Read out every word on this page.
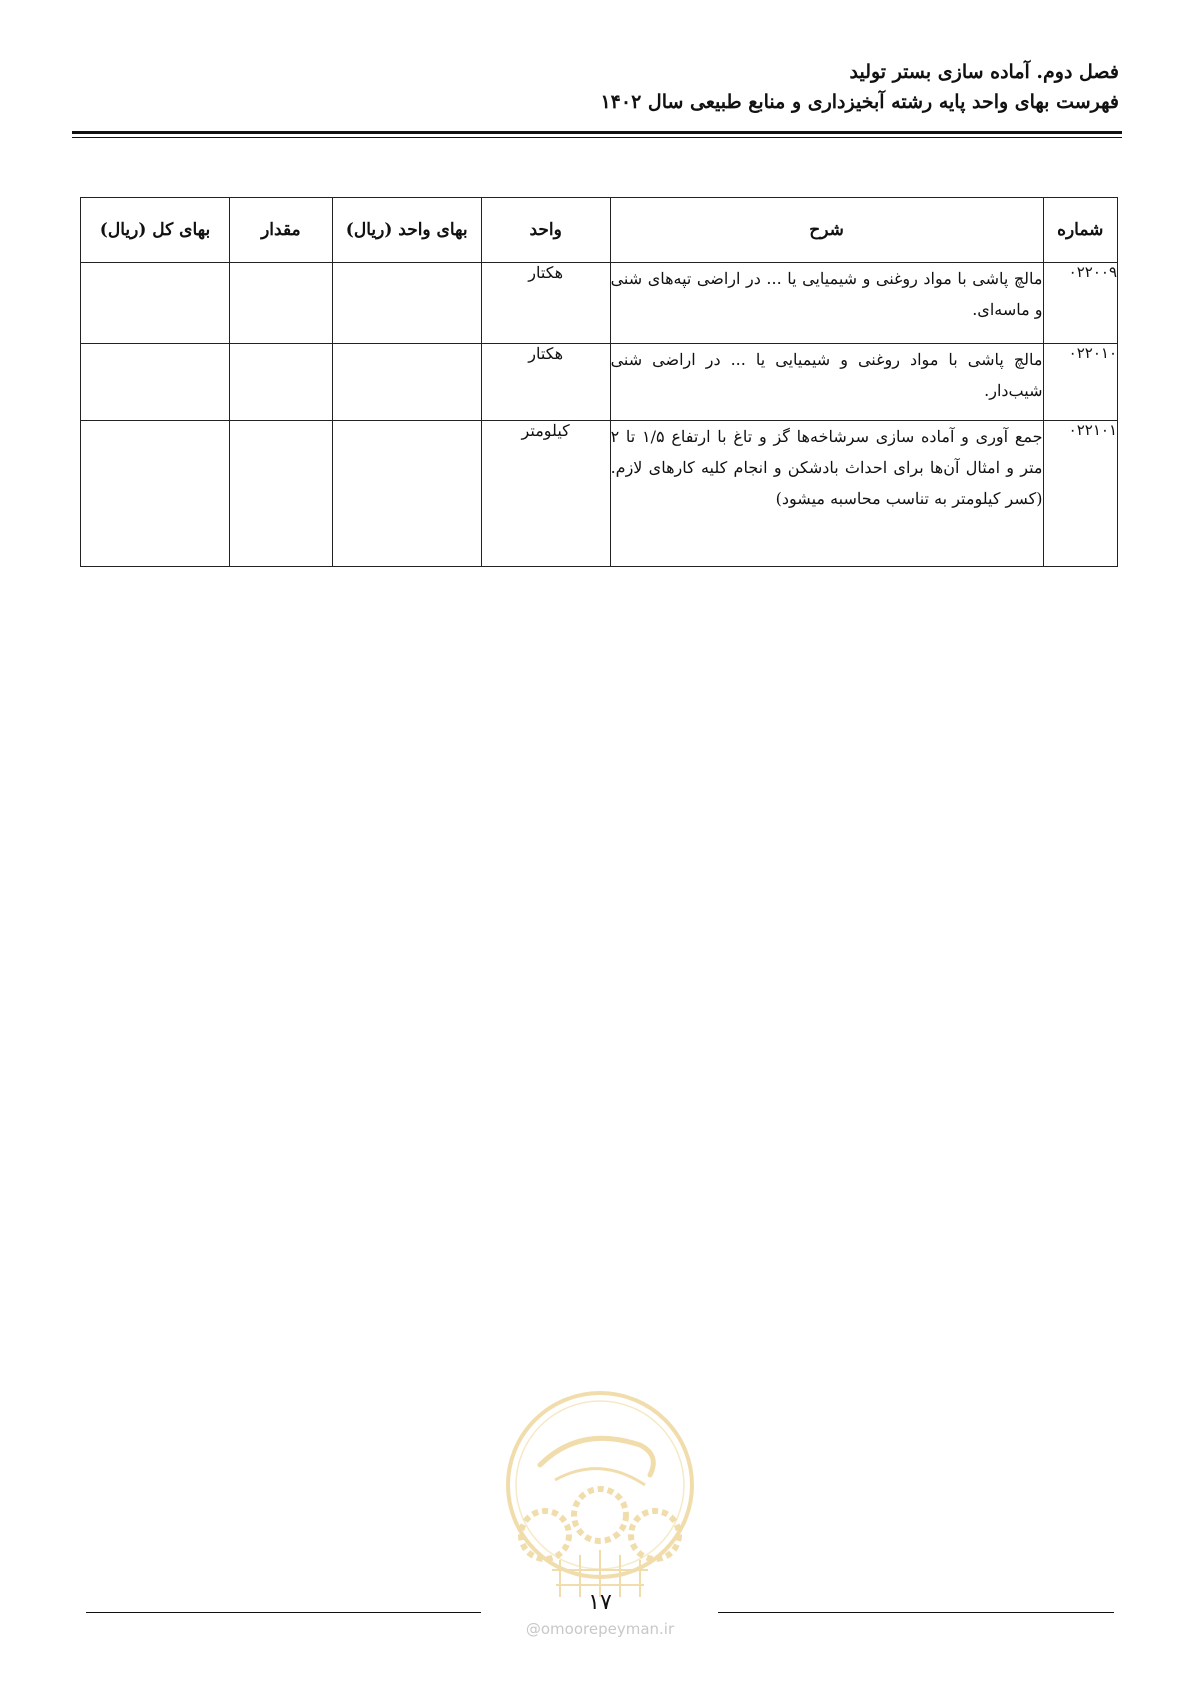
فصل دوم. آماده سازی بستر تولید
فهرست بهای واحد پایه رشته آبخیزداری و منابع طبیعی سال ۱۴۰۲
شماره	شرح	واحد	بهای واحد (ریال)	مقدار	بهای کل (ریال)
۰۲۲۰۰۹	مالچ پاشی با مواد روغنی و شیمیایی یا ... در اراضی تپه‌های شنی و ماسه‌ای.	هکتار			
۰۲۲۰۱۰	مالچ پاشی با مواد روغنی و شیمیایی یا ... در اراضی شنی شیب‌دار.	هکتار			
۰۲۲۱۰۱	جمع آوری و آماده سازی سرشاخه‌ها گز و تاغ با ارتفاع ۱/۵ تا ۲ متر و امثال آن‌ها برای احداث بادشکن و انجام کلیه کارهای لازم. (کسر کیلومتر به تناسب محاسبه میشود)	کیلومتر			
۱۷
@omoorepeyman.ir
